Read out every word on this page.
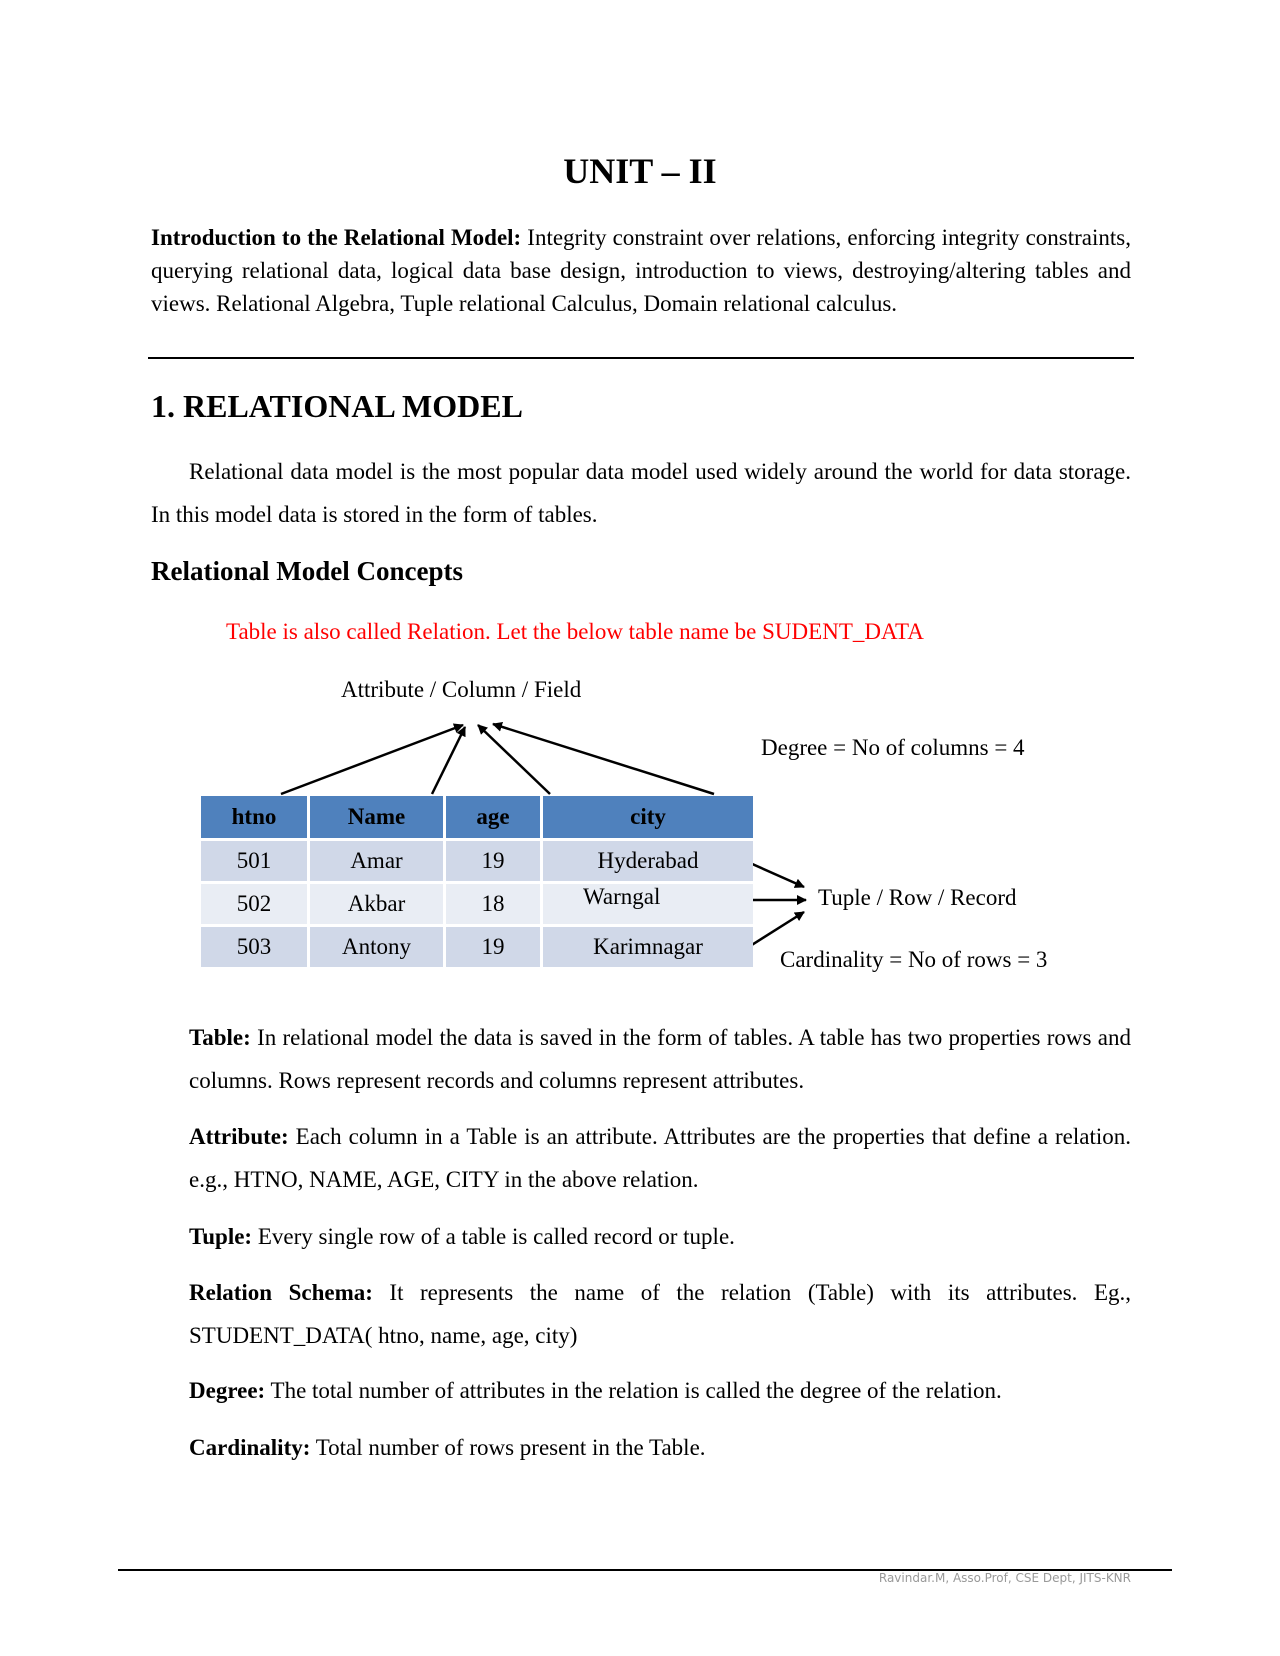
UNIT – II
Introduction to the Relational Model: Integrity constraint over relations, enforcing integrity constraints, querying relational data, logical data base design, introduction to views, destroying/altering tables and views. Relational Algebra, Tuple relational Calculus, Domain relational calculus.
1. RELATIONAL MODEL
Relational data model is the most popular data model used widely around the world for data storage. In this model data is stored in the form of tables.
Relational Model Concepts
Table is also called Relation. Let the below table name be SUDENT_DATA
Attribute / Column / Field
Degree = No of columns = 4
Tuple / Row / Record
Cardinality = No of rows = 3
htno	Name	age	city
501	Amar	19	Hyderabad
502	Akbar	18	Warngal
503	Antony	19	Karimnagar
Table: In relational model the data is saved in the form of tables. A table has two properties rows and columns. Rows represent records and columns represent attributes.
Attribute: Each column in a Table is an attribute. Attributes are the properties that define a relation. e.g., HTNO, NAME, AGE, CITY in the above relation.
Tuple: Every single row of a table is called record or tuple.
Relation Schema: It represents the name of the relation (Table) with its attributes. Eg., STUDENT_DATA( htno, name, age, city)
Degree: The total number of attributes in the relation is called the degree of the relation.
Cardinality: Total number of rows present in the Table.
Ravindar.M, Asso.Prof, CSE Dept, JITS-KNR
